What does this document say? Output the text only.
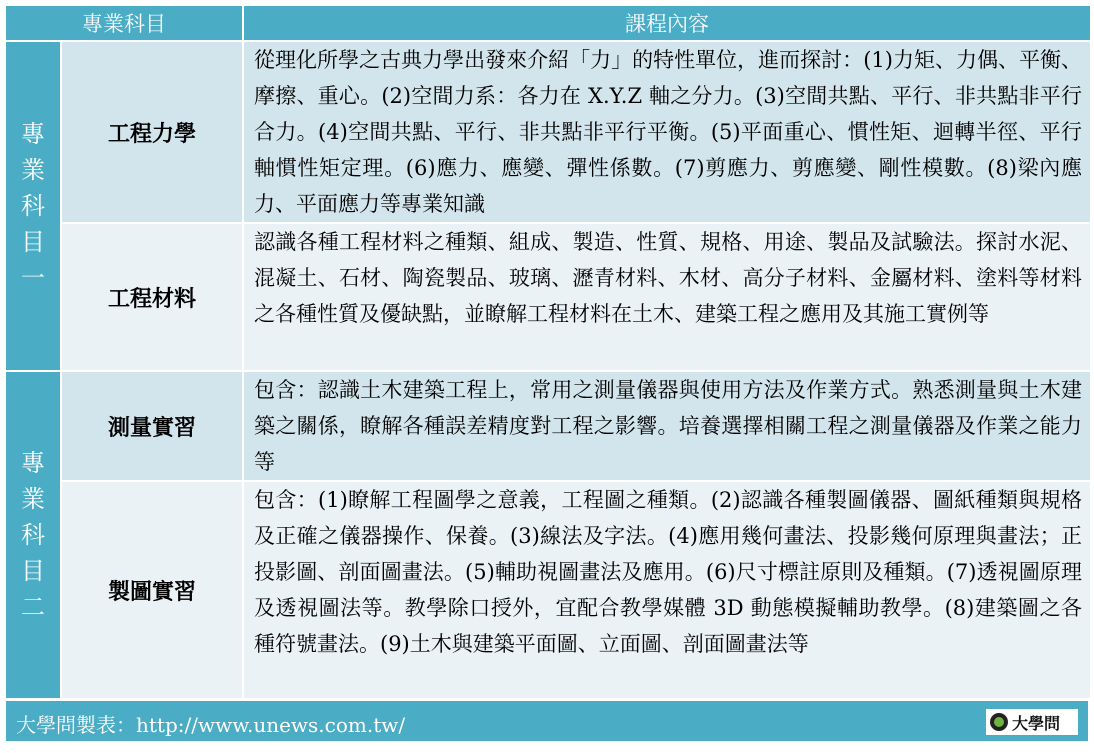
專業科目		課程內容

專業科目一	工程力學	從理化所學之古典力學出發來介紹「力」的特性單位，進而探討：(1)力矩、力偶、平衡、摩擦、重心。(2)空間力系：各力在 X.Y.Z 軸之分力。(3)空間共點、平行、非共點非平行合力。(4)空間共點、平行、非共點非平行平衡。(5)平面重心、慣性矩、迴轉半徑、平行軸慣性矩定理。(6)應力、應變、彈性係數。(7)剪應力、剪應變、剛性模數。(8)梁內應力、平面應力等專業知識
	工程材料	認識各種工程材料之種類、組成、製造、性質、規格、用途、製品及試驗法。探討水泥、混凝土、石材、陶瓷製品、玻璃、瀝青材料、木材、高分子材料、金屬材料、塗料等材料之各種性質及優缺點，並瞭解工程材料在土木、建築工程之應用及其施工實例等

專業科目二	測量實習	包含：認識土木建築工程上，常用之測量儀器與使用方法及作業方式。熟悉測量與土木建築之關係，瞭解各種誤差精度對工程之影響。培養選擇相關工程之測量儀器及作業之能力等
	製圖實習	包含：(1)瞭解工程圖學之意義，工程圖之種類。(2)認識各種製圖儀器、圖紙種類與規格及正確之儀器操作、保養。(3)線法及字法。(4)應用幾何畫法、投影幾何原理與畫法；正投影圖、剖面圖畫法。(5)輔助視圖畫法及應用。(6)尺寸標註原則及種類。(7)透視圖原理及透視圖法等。教學除口授外，宜配合教學媒體 3D 動態模擬輔助教學。(8)建築圖之各種符號畫法。(9)土木與建築平面圖、立面圖、剖面圖畫法等
大學問製表：http://www.unews.com.tw/	大學問
